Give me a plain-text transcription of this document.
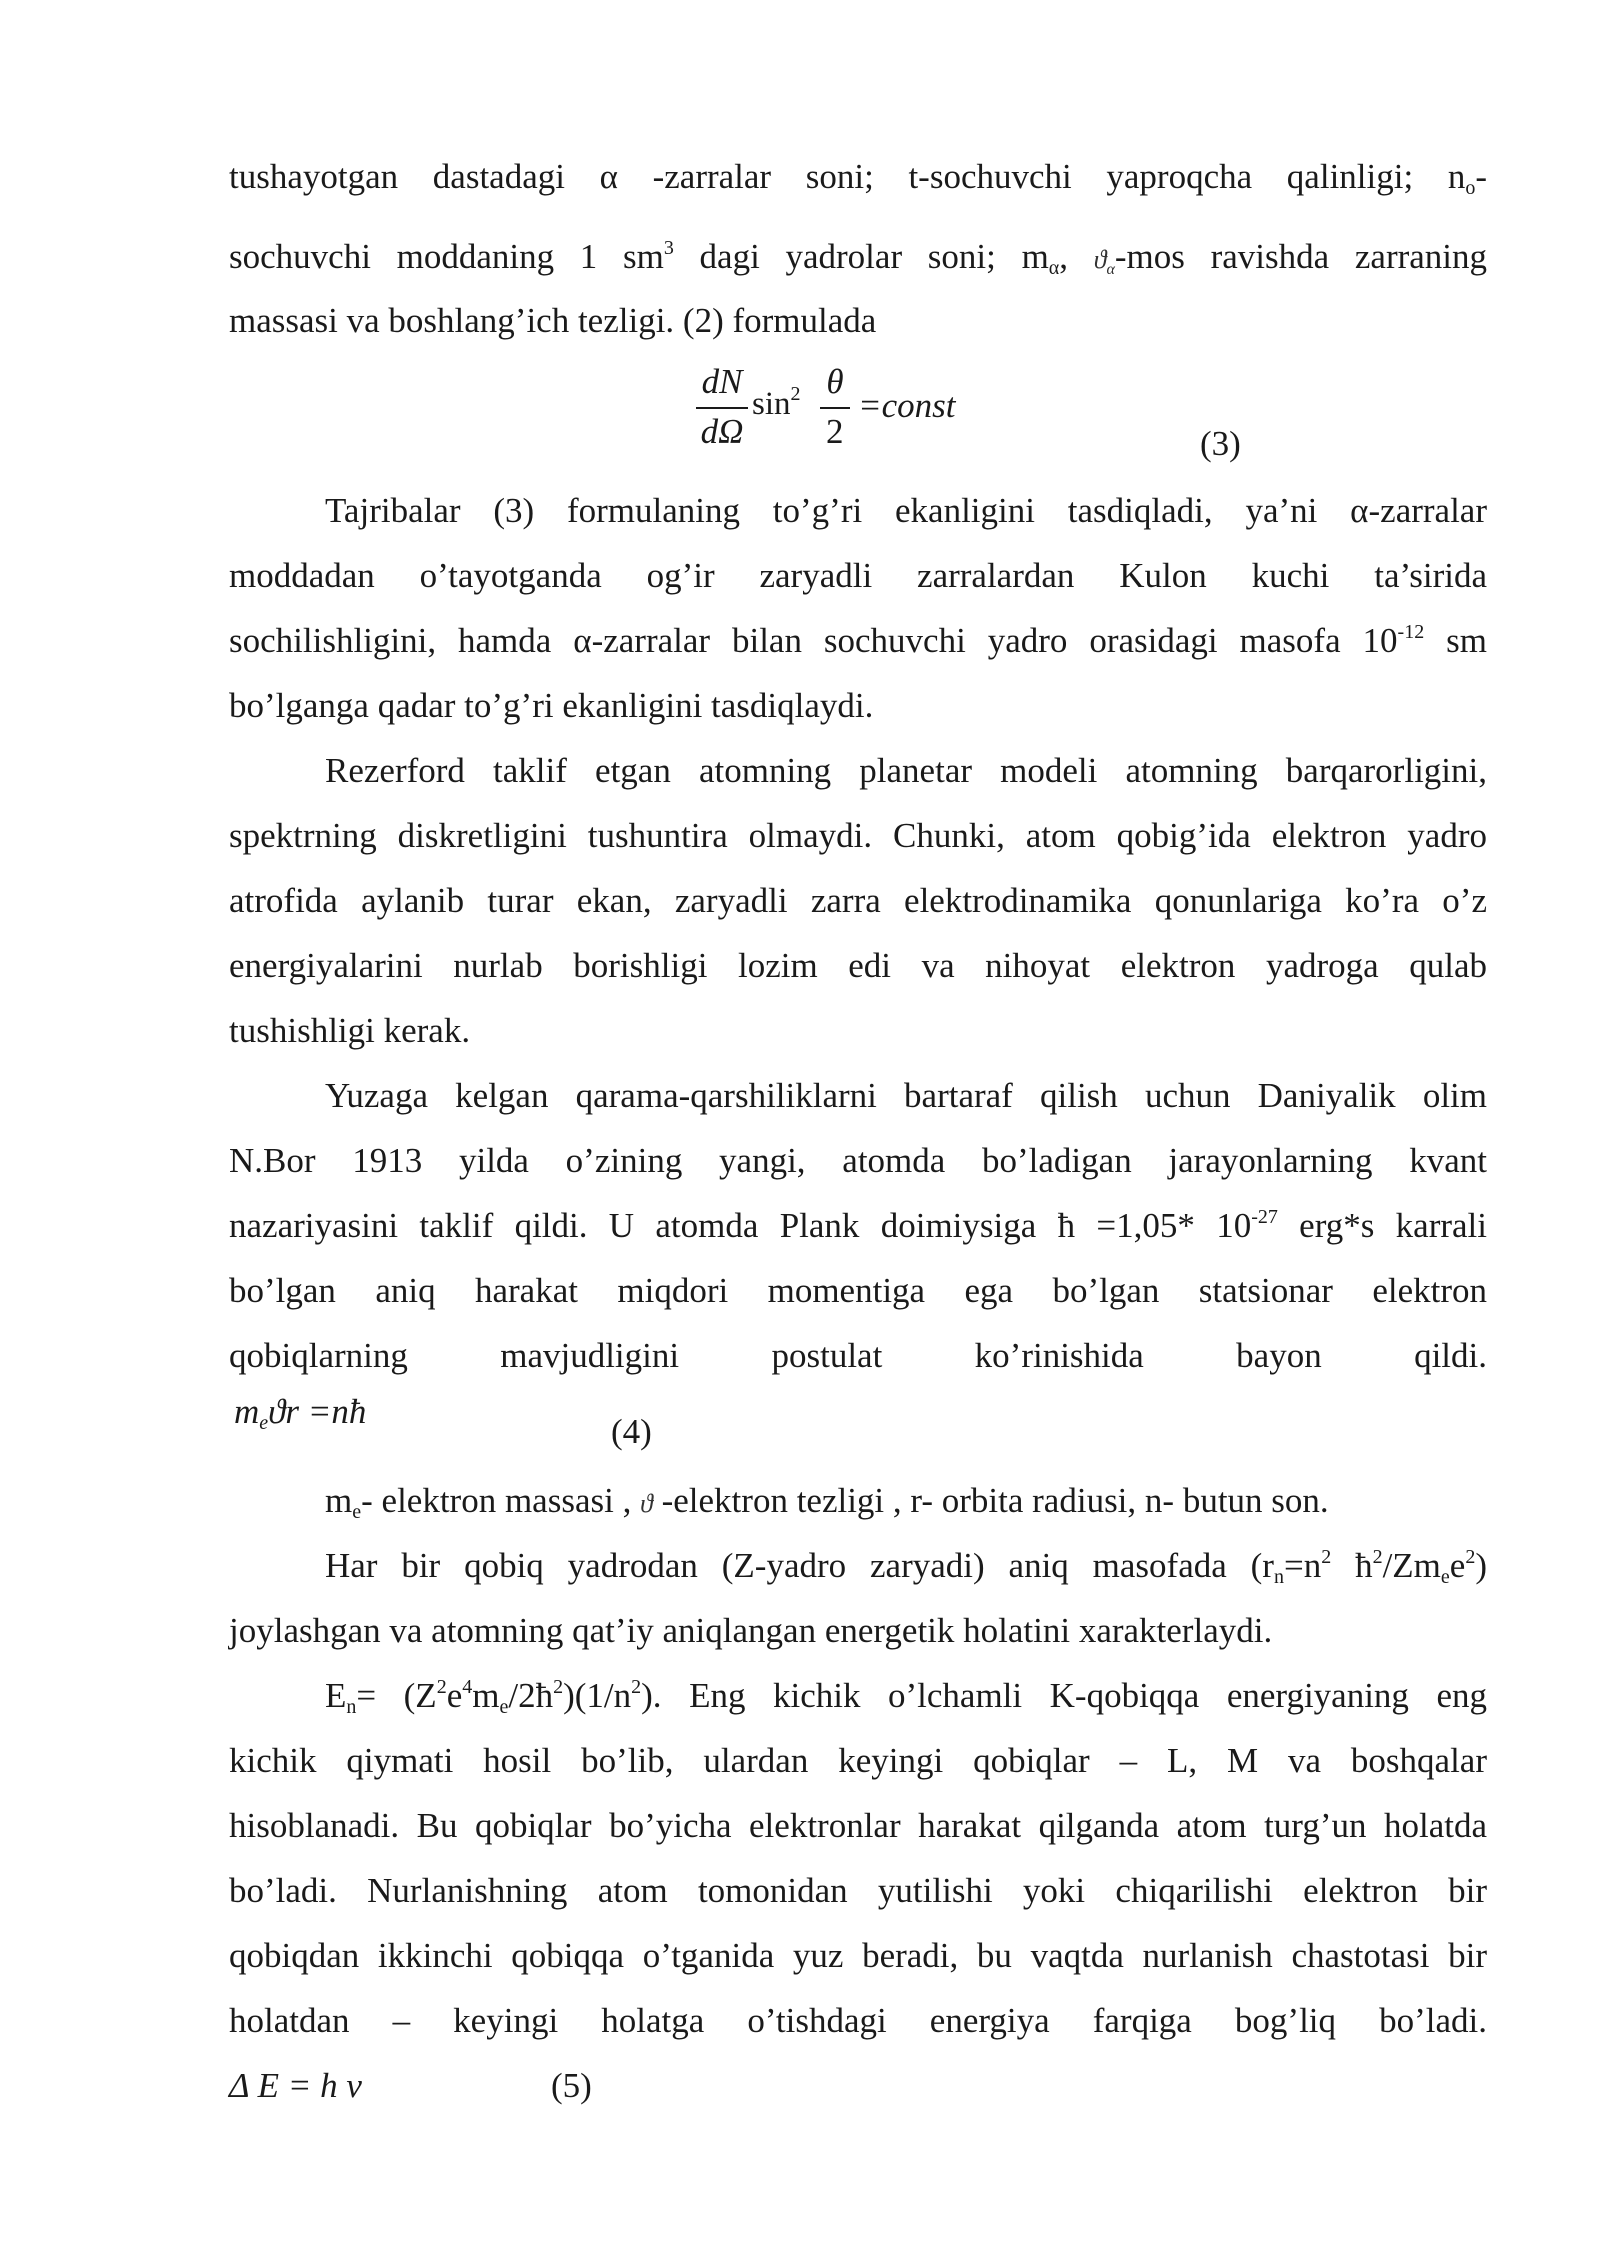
tushayotgan dastadagi α -zarralar soni; t-sochuvchi yaproqcha qalinligi; $n_o-$

sochuvchi moddaning 1 $sm^3$ dagi yadrolar soni; $m_\alpha$, $ϑ_\alpha$-mos ravishda zarraning

massasi va boshlang’ich tezligi. (2) formulada

dN
dΩ
$\sin^2 \theta$
2
=const
(3)

Tajribalar (3) formulaning to’g’ri ekanligini tasdiqladi, ya’ni α-zarralar

moddadan o’tayotganda og’ir zaryadli zarralardan Kulon kuchi ta’sirida

sochilishligini, hamda α-zarralar bilan sochuvchi yadro orasidagi masofa $10^{-12}$ sm

bo’lganga qadar to’g’ri ekanligini tasdiqlaydi.

Rezerford taklif etgan atomning planetar modeli atomning barqarorligini,

spektrning diskretligini tushuntira olmaydi. Chunki, atom qobig’ida elektron yadro

atrofida aylanib turar ekan, zaryadli zarra elektrodinamika qonunlariga ko’ra o’z

energiyalarini nurlab borishligi lozim edi va nihoyat elektron yadroga qulab

tushishligi kerak.

Yuzaga kelgan qarama-qarshiliklarni bartaraf qilish uchun Daniyalik olim

N.Bor 1913 yilda o’zining yangi, atomda bo’ladigan jarayonlarning kvant

nazariyasini taklif qildi. U atomda Plank doimiysiga ħ =1,05* $10^{-27}$ erg*s karrali

bo’lgan aniq harakat miqdori momentiga ega bo’lgan statsionar elektron

qobiqlarning mavjudligini postulat ko’rinishida bayon qildi.

$m_eϑr$ =nħ
(4)

$m_e-$ elektron massasi , ϑ -elektron tezligi , r- orbita radiusi, n- butun son.

Har bir qobiq yadrodan (Z-yadro zaryadi) aniq masofada ($r_n=n^2$ $ħ^2/Zm_ee^2$)

joylashgan va atomning qat’iy aniqlangan energetik holatini xarakterlaydi.

$E_n=$ $(Z^2e^4m_e/2ħ^2)(1/n^2)$. Eng kichik o’lchamli K-qobiqqa energiyaning eng

kichik qiymati hosil bo’lib, ulardan keyingi qobiqlar – L, M va boshqalar

hisoblanadi. Bu qobiqlar bo’yicha elektronlar harakat qilganda atom turg’un holatda

bo’ladi. Nurlanishning atom tomonidan yutilishi yoki chiqarilishi elektron bir

qobiqdan ikkinchi qobiqqa o’tganida yuz beradi, bu vaqtda nurlanish chastotasi bir

holatdan – keyingi holatga o’tishdagi energiya farqiga bog’liq bo’ladi.

Δ E = h ν	(5)
